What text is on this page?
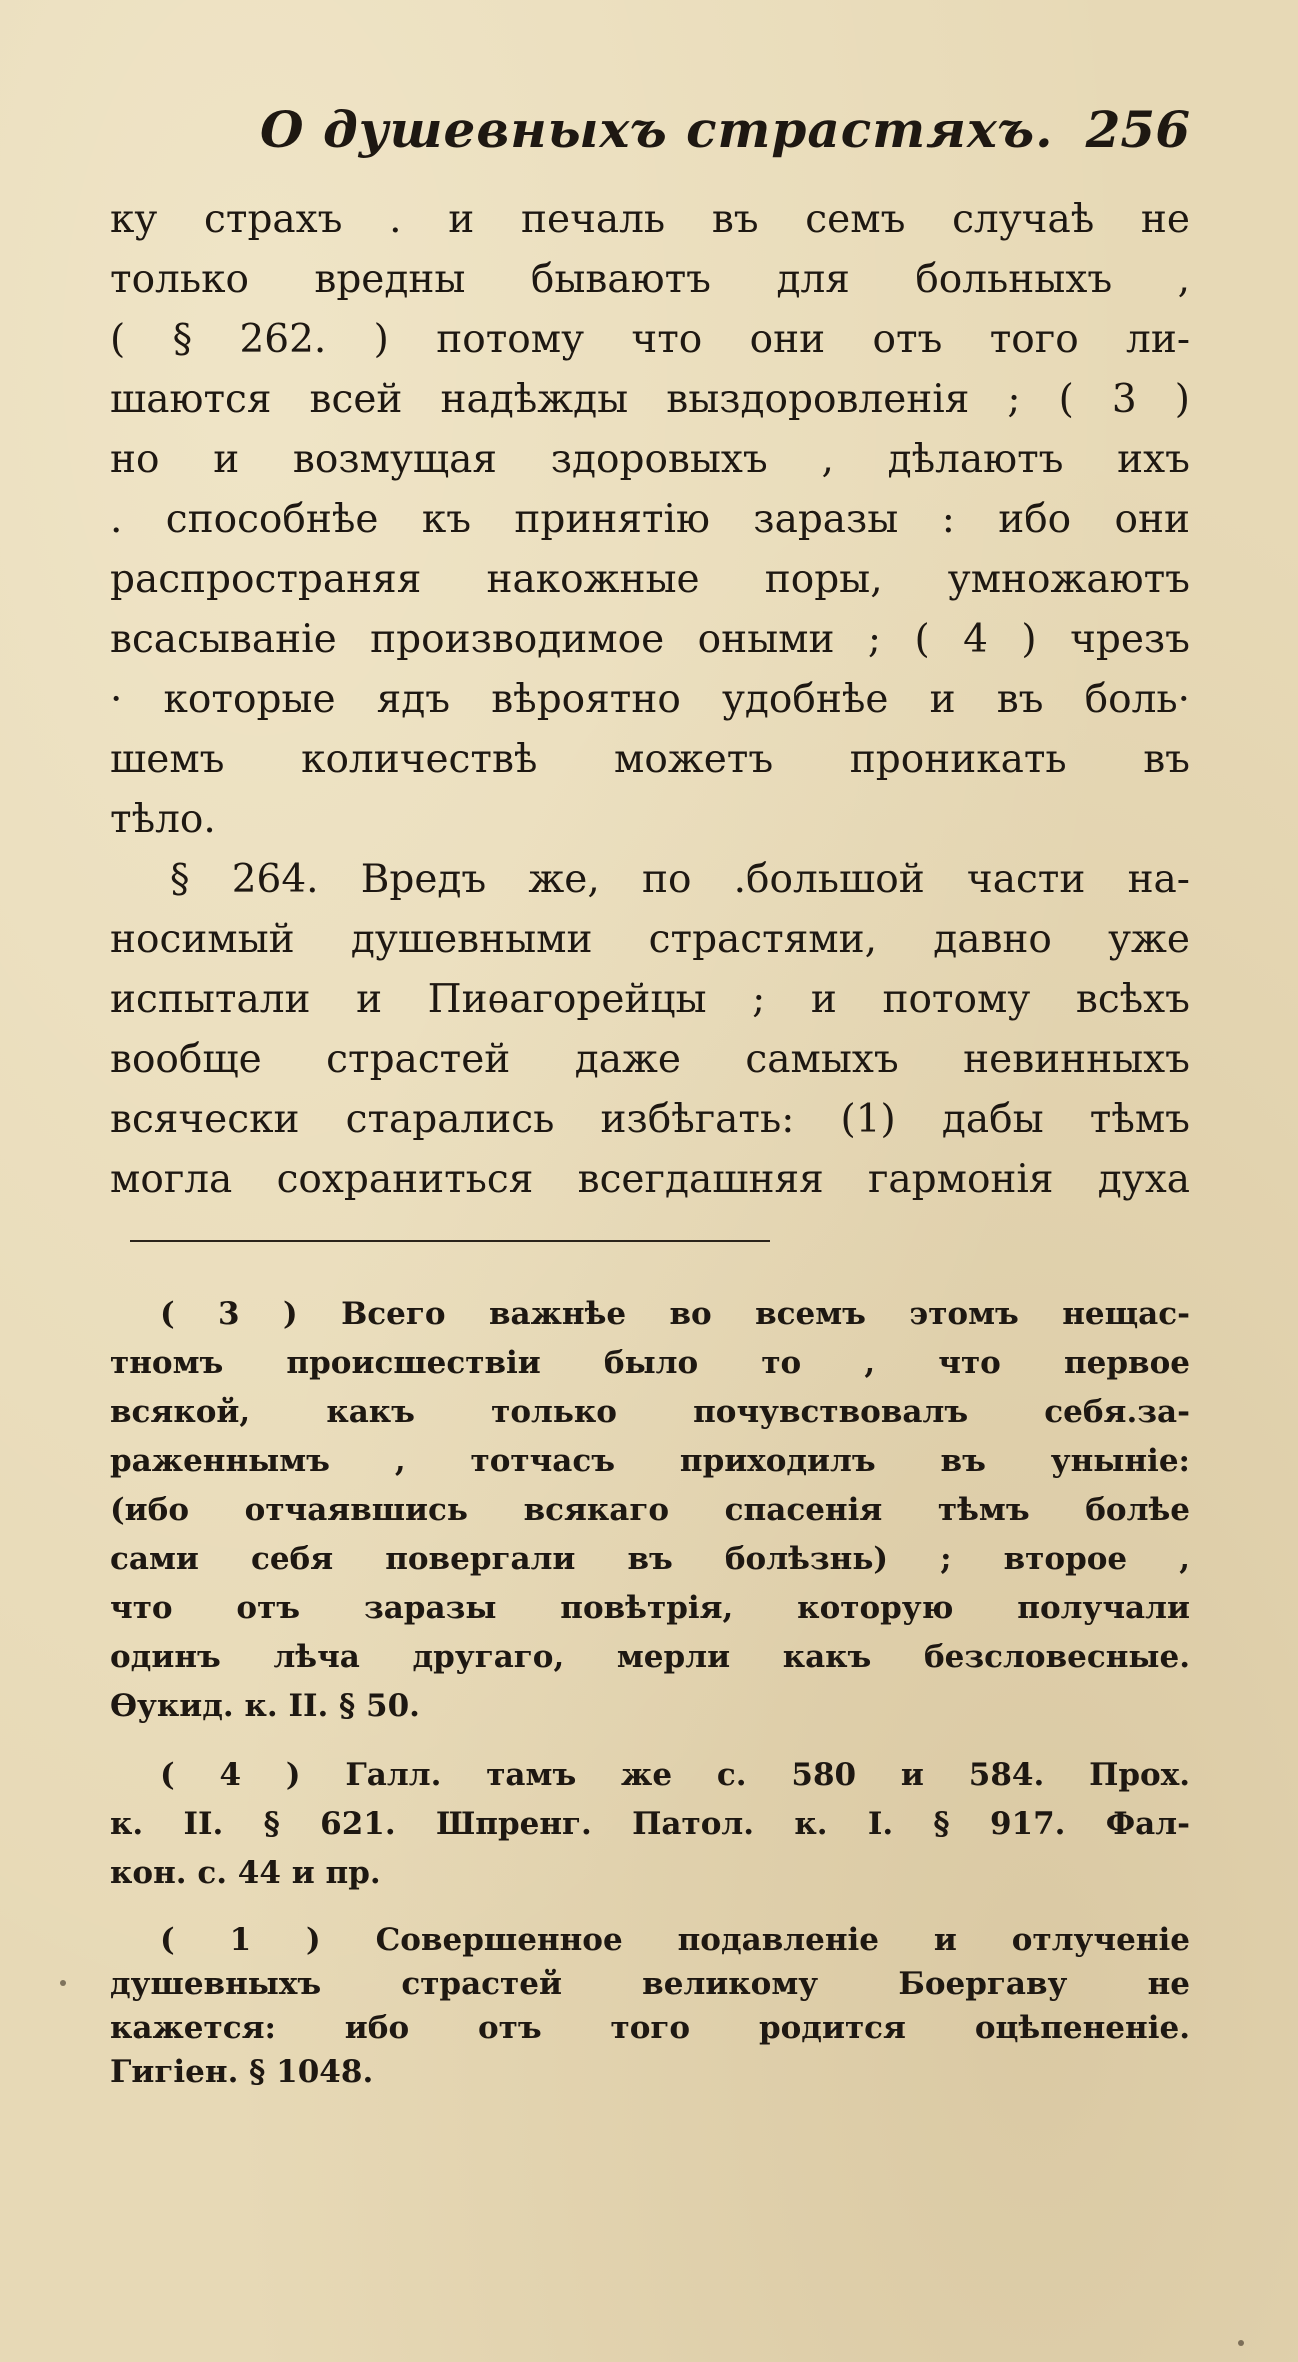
О душевныхъ страстяхъ. 256
ку страхъ . и печаль въ семъ случаѣ не
только вредны бываютъ для больныхъ ,
( § 262. ) потому что они отъ того ли-
шаются всей надѣжды выздоровленія ; ( 3 )
но и возмущая здоровыхъ , дѣлаютъ ихъ
. способнѣе къ принятію заразы : ибо они
распространяя накожные поры, умножаютъ
всасываніе производимое оными ; ( 4 ) чрезъ
· которые ядъ вѣроятно удобнѣе и въ боль·
шемъ количествѣ можетъ проникать въ
тѣло.
§ 264. Вредъ же, по .большой части на-
носимый душевными страстями, давно уже
испытали и Пиѳагорейцы ; и потому всѣхъ
вообще страстей даже самыхъ невинныхъ
всячески старались избѣгать: (1) дабы тѣмъ
могла сохраниться всегдашняя гармонія духа
( 3 ) Всего важнѣе во всемъ этомъ нещас-
тномъ происшествіи было то , что первое
всякой, какъ только почувствовалъ себя.за-
раженнымъ , тотчасъ приходилъ въ уныніе:
(ибо отчаявшись всякаго спасенія тѣмъ болѣе
сами себя повергали въ болѣзнь) ; второе ,
что отъ заразы повѣтрія, которую получали
одинъ лѣча другаго, мерли какъ безсловесные.
Ѳукид. к. II. § 50.
( 4 ) Галл. тамъ же с. 580 и 584. Прох.
к. II. § 621. Шпренг. Патол. к. I. § 917. Фал-
кон. с. 44 и пр.
( 1 ) Совершенное подавленіе и отлученіе
душевныхъ страстей великому Боергаву не
кажется: ибо отъ того родится оцѣпененіе.
Гигіен. § 1048.
